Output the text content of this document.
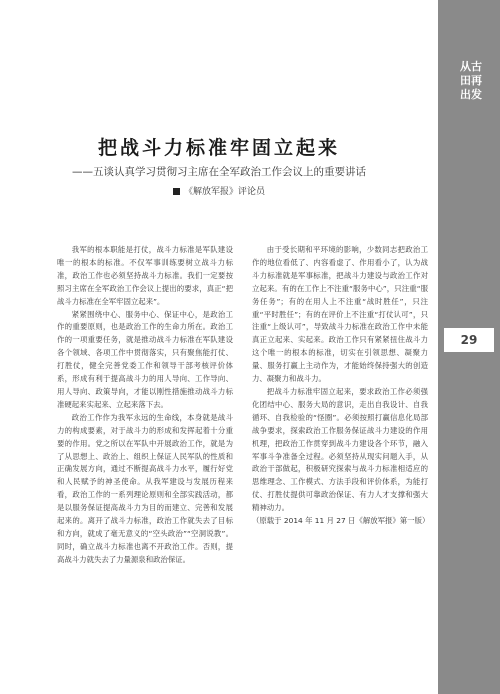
从古田再出发
29
把战斗力标准牢固立起来
——五谈认真学习贯彻习主席在全军政治工作会议上的重要讲话
《解放军报》评论员

我军的根本职能是打仗，战斗力标准是军队建设唯一的根本的标准。不仅军事训练要树立战斗力标准，政治工作也必须坚持战斗力标准。我们一定要按照习主席在全军政治工作会议上提出的要求，真正“把战斗力标准在全军牢固立起来”。

紧紧围绕中心、服务中心、保证中心，是政治工作的重要原则，也是政治工作的生命力所在。政治工作的一项重要任务，就是推动战斗力标准在军队建设各个领域、各项工作中贯彻落实，只有聚焦能打仗、打胜仗，健全完善党委工作和领导干部考核评价体系，形成有利于提高战斗力的用人导向、工作导向、用人导向、政策导向，才能以刚性措施推动战斗力标准硬起来实起来、立起来落下去。

政治工作作为我军永远的生命线，本身就是战斗力的构成要素，对于战斗力的形成和发挥起着十分重要的作用。党之所以在军队中开展政治工作，就是为了从思想上、政治上、组织上保证人民军队的性质和正确发展方向，通过不断提高战斗力水平，履行好党和人民赋予的神圣使命。从我军建设与发展历程来看，政治工作的一系列理论原则和全部实践活动，都是以服务保证提高战斗力为目的而建立、完善和发展起来的。离开了战斗力标准，政治工作就失去了目标和方向，就成了毫无意义的“空头政治”“空洞说教”。同时，确立战斗力标准也离不开政治工作。否则，提高战斗力就失去了力量源泉和政治保证。

由于受长期和平环境的影响，少数同志把政治工作的地位看低了、内容看虚了、作用看小了，认为战斗力标准就是军事标准，把战斗力建设与政治工作对立起来。有的在工作上不注重“服务中心”，只注重“服务任务”；有的在用人上不注重“战时胜任”，只注重“平时胜任”；有的在评价上不注重“打仗认可”，只注重“上级认可”，导致战斗力标准在政治工作中未能真正立起来、实起来。政治工作只有紧紧扭住战斗力这个唯一的根本的标准，切实在引领思想、凝聚力量、服务打赢上主动作为，才能始终保持强大的创造力、凝聚力和战斗力。

把战斗力标准牢固立起来，要求政治工作必须强化团结中心、服务大局的意识，走出自我设计、自我循环、自我检验的“怪圈”。必须按照打赢信息化局部战争要求，探索政治工作服务保证战斗力建设的作用机理，把政治工作贯穿到战斗力建设各个环节，融入军事斗争准备全过程。必须坚持从现实问题入手，从政治干部做起，积极研究探索与战斗力标准相适应的思维理念、工作模式、方法手段和评价体系，为能打仗、打胜仗提供可靠政治保证、有力人才支撑和强大精神动力。

（原载于 2014 年 11 月 27 日《解放军报》第一版）
